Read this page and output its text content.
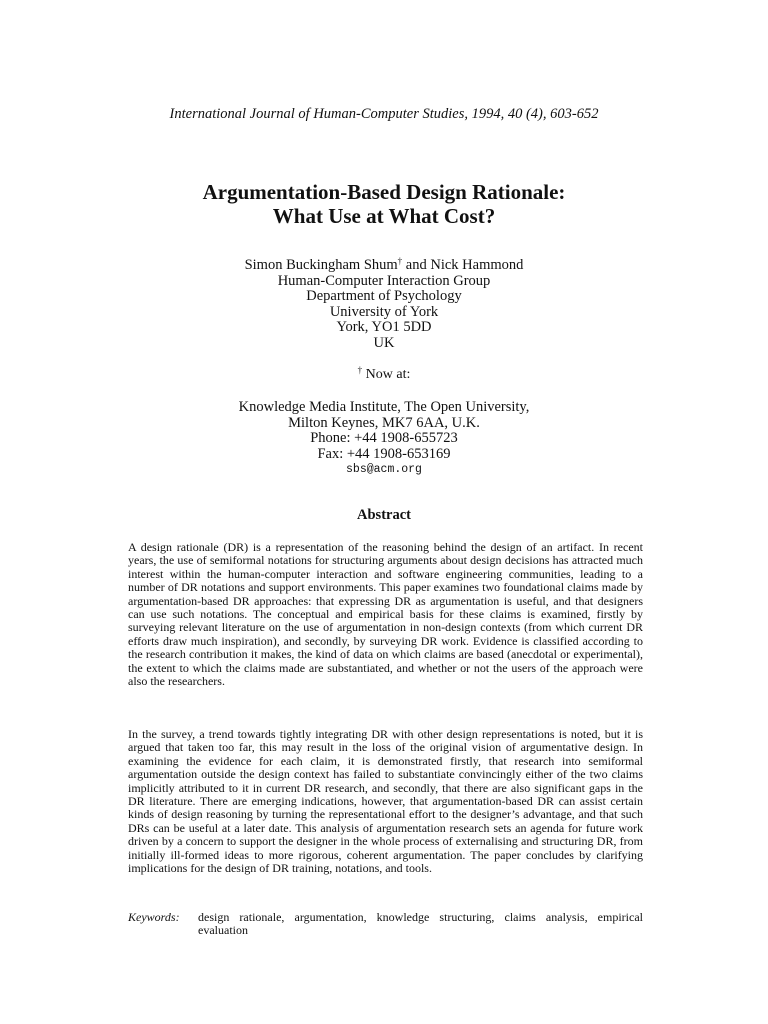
International Journal of Human-Computer Studies, 1994, 40 (4), 603-652
Argumentation-Based Design Rationale:
What Use at What Cost?
Simon Buckingham Shum† and Nick Hammond
Human-Computer Interaction Group
Department of Psychology
University of York
York, YO1 5DD
UK
† Now at:
Knowledge Media Institute, The Open University,
Milton Keynes, MK7 6AA, U.K.
Phone: +44 1908-655723
Fax: +44 1908-653169
sbs@acm.org
Abstract

A design rationale (DR) is a representation of the reasoning behind the design of an artifact. In recent years, the use of semiformal notations for structuring arguments about design decisions has attracted much interest within the human-computer interaction and software engineering communities, leading to a number of DR notations and support environments. This paper examines two foundational claims made by argumentation-based DR approaches: that expressing DR as argumentation is useful, and that designers can use such notations. The conceptual and empirical basis for these claims is examined, firstly by surveying relevant literature on the use of argumentation in non-design contexts (from which current DR efforts draw much inspiration), and secondly, by surveying DR work. Evidence is classified according to the research contribution it makes, the kind of data on which claims are based (anecdotal or experimental), the extent to which the claims made are substantiated, and whether or not the users of the approach were also the researchers.

In the survey, a trend towards tightly integrating DR with other design representations is noted, but it is argued that taken too far, this may result in the loss of the original vision of argumentative design. In examining the evidence for each claim, it is demonstrated firstly, that research into semiformal argumentation outside the design context has failed to substantiate convincingly either of the two claims implicitly attributed to it in current DR research, and secondly, that there are also significant gaps in the DR literature. There are emerging indications, however, that argumentation-based DR can assist certain kinds of design reasoning by turning the representational effort to the designer’s advantage, and that such DRs can be useful at a later date. This analysis of argumentation research sets an agenda for future work driven by a concern to support the designer in the whole process of externalising and structuring DR, from initially ill-formed ideas to more rigorous, coherent argumentation. The paper concludes by clarifying implications for the design of DR training, notations, and tools.

Keywords:	design rationale, argumentation, knowledge structuring, claims analysis, empirical evaluation
